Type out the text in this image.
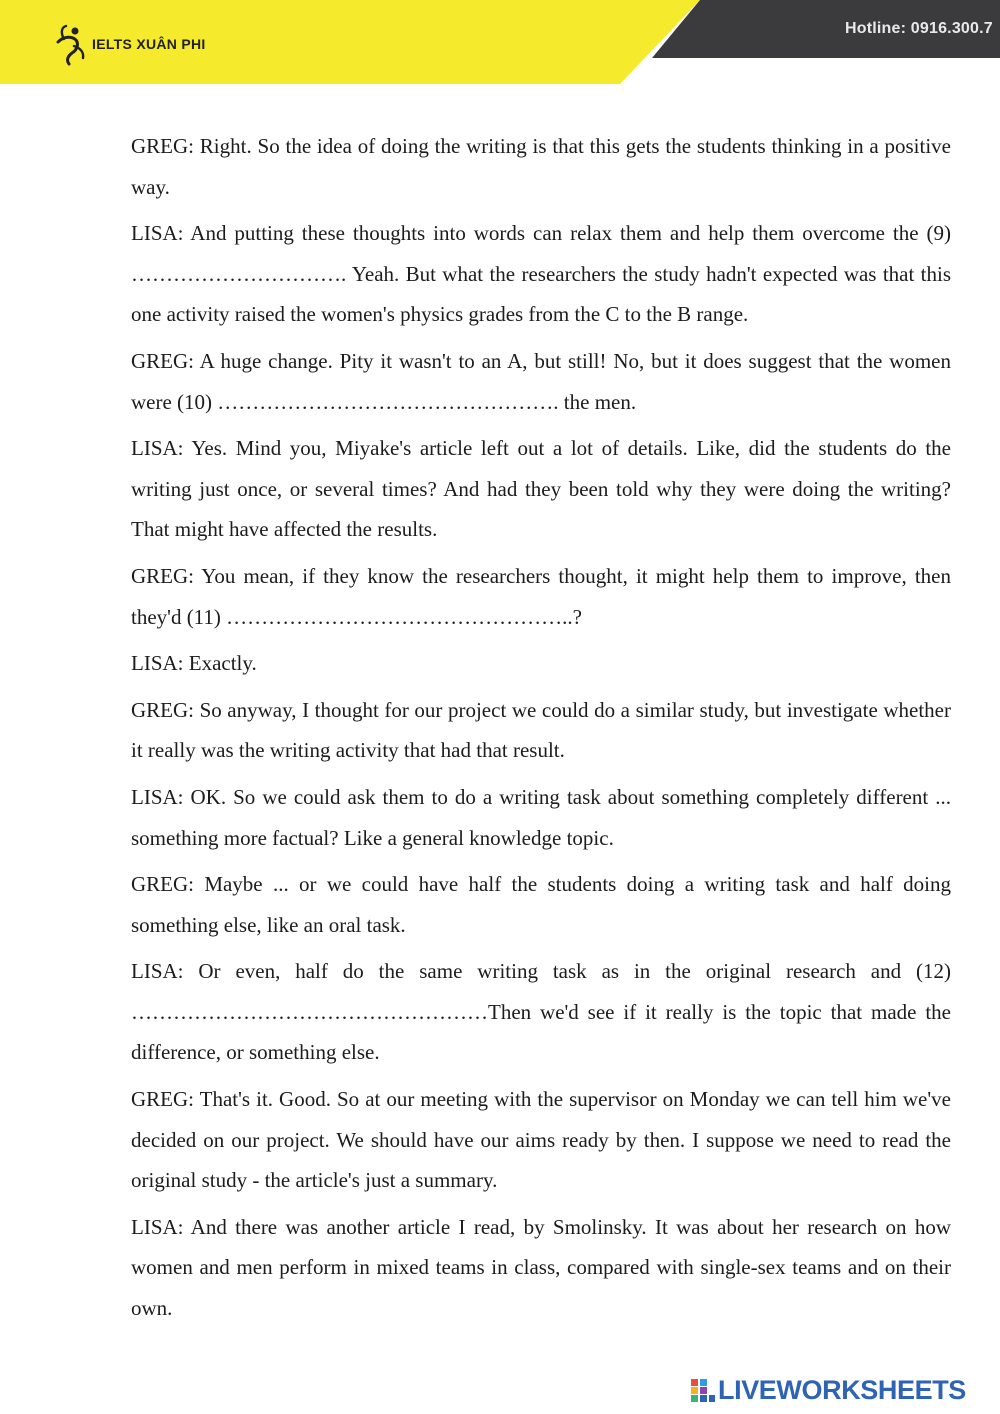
IELTS XUÂN PHI
Hotline: 0916.300.7

GREG: Right. So the idea of doing the writing is that this gets the students thinking in a positive way.

LISA: And putting these thoughts into words can relax them and help them overcome the (9) …………………………. Yeah. But what the researchers the study hadn't expected was that this one activity raised the women's physics grades from the C to the B range.

GREG: A huge change. Pity it wasn't to an A, but still! No, but it does suggest that the women were (10) …………………………………………. the men.

LISA: Yes. Mind you, Miyake's article left out a lot of details. Like, did the students do the writing just once, or several times? And had they been told why they were doing the writing? That might have affected the results.

GREG: You mean, if they know the researchers thought, it might help them to improve, then they'd (11) …………………………………………..?

LISA: Exactly.

GREG: So anyway, I thought for our project we could do a similar study, but investigate whether it really was the writing activity that had that result.

LISA: OK. So we could ask them to do a writing task about something completely different ... something more factual? Like a general knowledge topic.

GREG: Maybe ... or we could have half the students doing a writing task and half doing something else, like an oral task.

LISA: Or even, half do the same writing task as in the original research and (12) ……………………………………………Then we'd see if it really is the topic that made the difference, or something else.

GREG: That's it. Good. So at our meeting with the supervisor on Monday we can tell him we've decided on our project. We should have our aims ready by then. I suppose we need to read the original study - the article's just a summary.

LISA: And there was another article I read, by Smolinsky. It was about her research on how women and men perform in mixed teams in class, compared with single-sex teams and on their own.

LIVEWORKSHEETS
